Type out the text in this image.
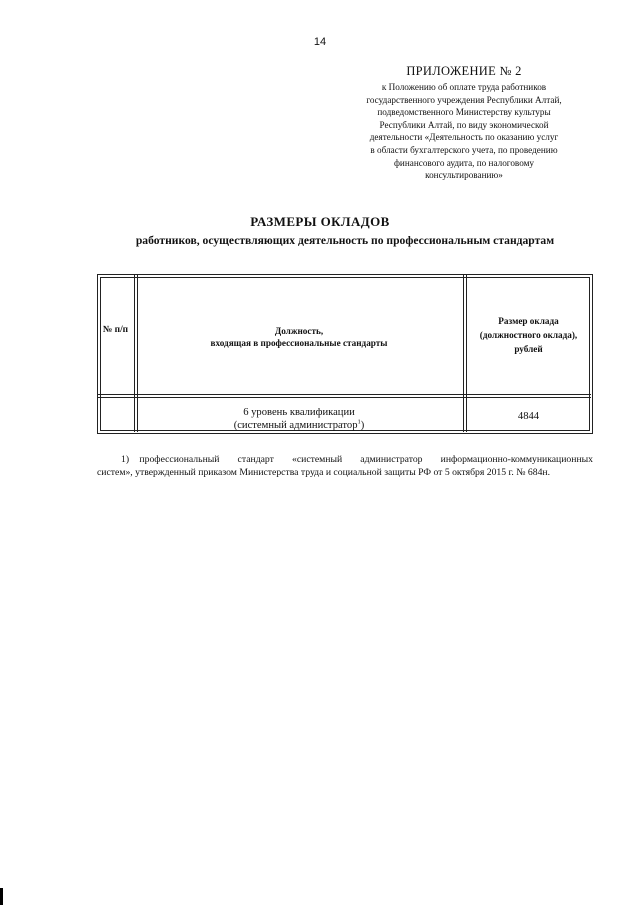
14
ПРИЛОЖЕНИЕ № 2
к Положению об оплате труда работников
государственного учреждения Республики Алтай,
подведомственного Министерству культуры
Республики Алтай, по виду экономической
деятельности «Деятельность по оказанию услуг
в области бухгалтерского учета, по проведению
финансового аудита, по налоговому
консультированию»
РАЗМЕРЫ ОКЛАДОВ
работников, осуществляющих деятельность по профессиональным стандартам
№ п/п	Должность,
входящая в профессиональные стандарты
Размер оклада
(должностного оклада),
рублей
6 уровень квалификации
(системный администратор$^1$)
4844
1)    профессиональный       стандарт       «системный       администратор       информационно-коммуникационных систем», утвержденный приказом Министерства труда и социальной защиты РФ от 5 октября 2015 г. № 684н.
